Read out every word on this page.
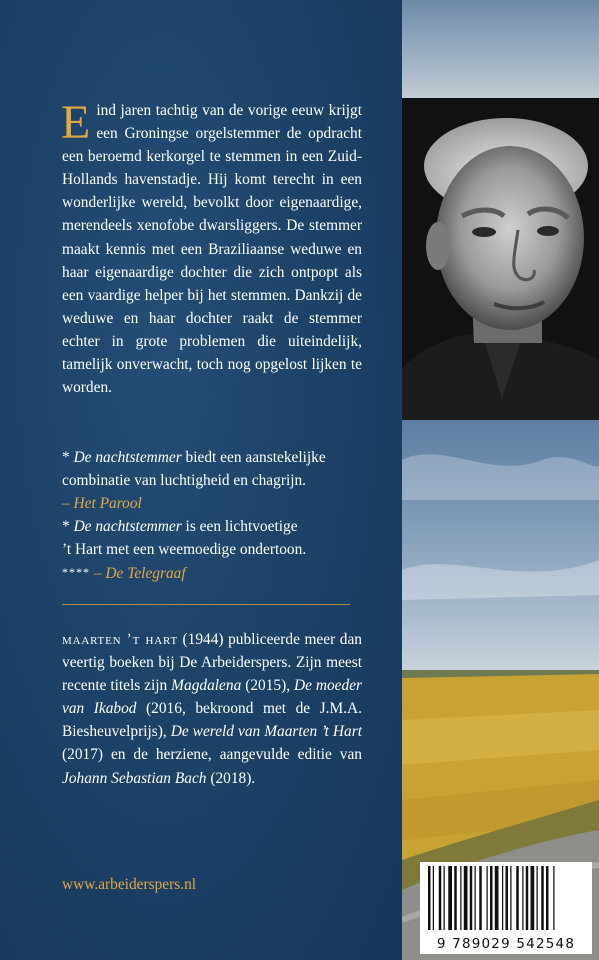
E ind jaren tachtig van de vorige eeuw krijgt een Groningse orgelstemmer de opdracht een beroemd kerkorgel te stemmen in een Zuid-Hollands havenstadje. Hij komt terecht in een wonderlijke wereld, bevolkt door eigenaardige, merendeels xenofobe dwarsliggers. De stemmer maakt kennis met een Braziliaanse weduwe en haar eigenaardige dochter die zich ontpopt als een vaardige helper bij het stemmen. Dankzij de weduwe en haar dochter raakt de stemmer echter in grote problemen die uiteindelijk, tamelijk onverwacht, toch nog opgelost lijken te worden.

* De nachtstemmer biedt een aanstekelijke
combinatie van luchtigheid en chagrijn.
– Het Parool
* De nachtstemmer is een lichtvoetige
’t Hart met een weemoedige ondertoon.
**** – De Telegraaf

maarten ’t hart (1944) publiceerde meer dan veertig boeken bij De Arbeiderspers. Zijn meest recente titels zijn Magdalena (2015), De moeder van Ikabod (2016, bekroond met de J.M.A. Biesheuvelprijs), De wereld van Maarten ’t Hart (2017) en de herziene, aangevulde editie van Johann Sebastian Bach (2018).

www.arbeiderspers.nl
9 789029 542548
